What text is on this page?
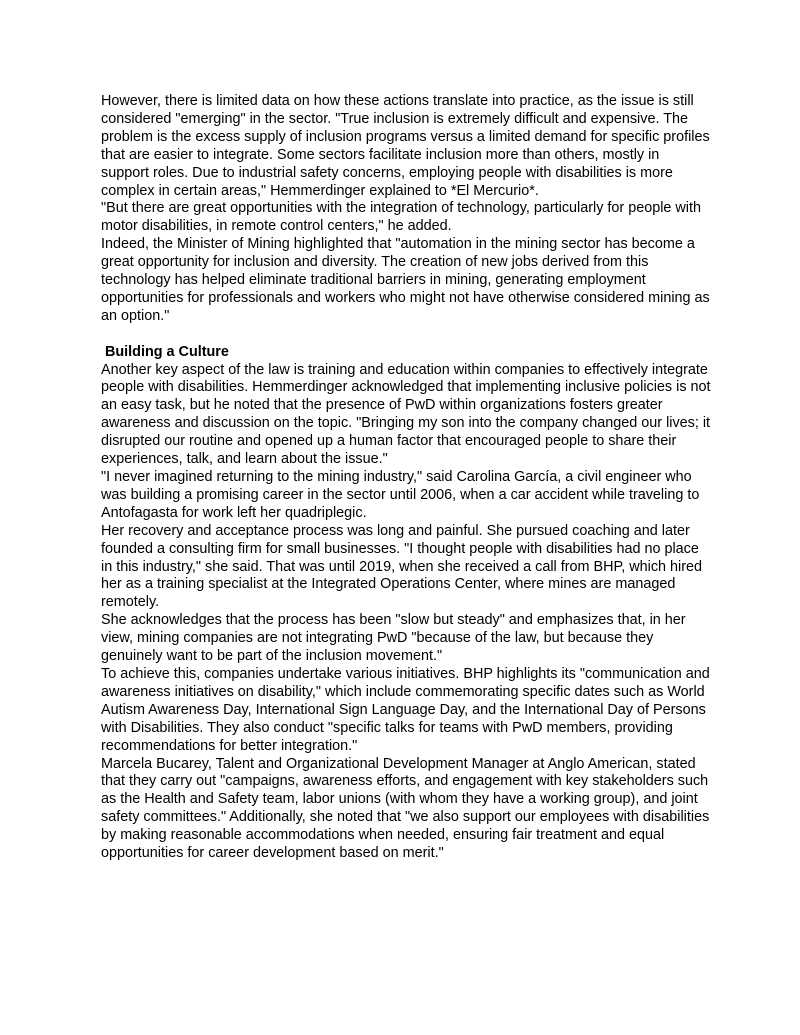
However, there is limited data on how these actions translate into practice, as the issue is still considered "emerging" in the sector. "True inclusion is extremely difficult and expensive. The problem is the excess supply of inclusion programs versus a limited demand for specific profiles that are easier to integrate. Some sectors facilitate inclusion more than others, mostly in support roles. Due to industrial safety concerns, employing people with disabilities is more complex in certain areas," Hemmerdinger explained to *El Mercurio*.

"But there are great opportunities with the integration of technology, particularly for people with motor disabilities, in remote control centers," he added.

Indeed, the Minister of Mining highlighted that "automation in the mining sector has become a great opportunity for inclusion and diversity. The creation of new jobs derived from this technology has helped eliminate traditional barriers in mining, generating employment opportunities for professionals and workers who might not have otherwise considered mining as an option."

Building a Culture

Another key aspect of the law is training and education within companies to effectively integrate people with disabilities. Hemmerdinger acknowledged that implementing inclusive policies is not an easy task, but he noted that the presence of PwD within organizations fosters greater awareness and discussion on the topic. "Bringing my son into the company changed our lives; it disrupted our routine and opened up a human factor that encouraged people to share their experiences, talk, and learn about the issue."

"I never imagined returning to the mining industry," said Carolina García, a civil engineer who was building a promising career in the sector until 2006, when a car accident while traveling to Antofagasta for work left her quadriplegic.

Her recovery and acceptance process was long and painful. She pursued coaching and later founded a consulting firm for small businesses. "I thought people with disabilities had no place in this industry," she said. That was until 2019, when she received a call from BHP, which hired her as a training specialist at the Integrated Operations Center, where mines are managed remotely.

She acknowledges that the process has been "slow but steady" and emphasizes that, in her view, mining companies are not integrating PwD "because of the law, but because they genuinely want to be part of the inclusion movement."

To achieve this, companies undertake various initiatives. BHP highlights its "communication and awareness initiatives on disability," which include commemorating specific dates such as World Autism Awareness Day, International Sign Language Day, and the International Day of Persons with Disabilities. They also conduct "specific talks for teams with PwD members, providing recommendations for better integration."

Marcela Bucarey, Talent and Organizational Development Manager at Anglo American, stated that they carry out "campaigns, awareness efforts, and engagement with key stakeholders such as the Health and Safety team, labor unions (with whom they have a working group), and joint safety committees." Additionally, she noted that "we also support our employees with disabilities by making reasonable accommodations when needed, ensuring fair treatment and equal opportunities for career development based on merit."
